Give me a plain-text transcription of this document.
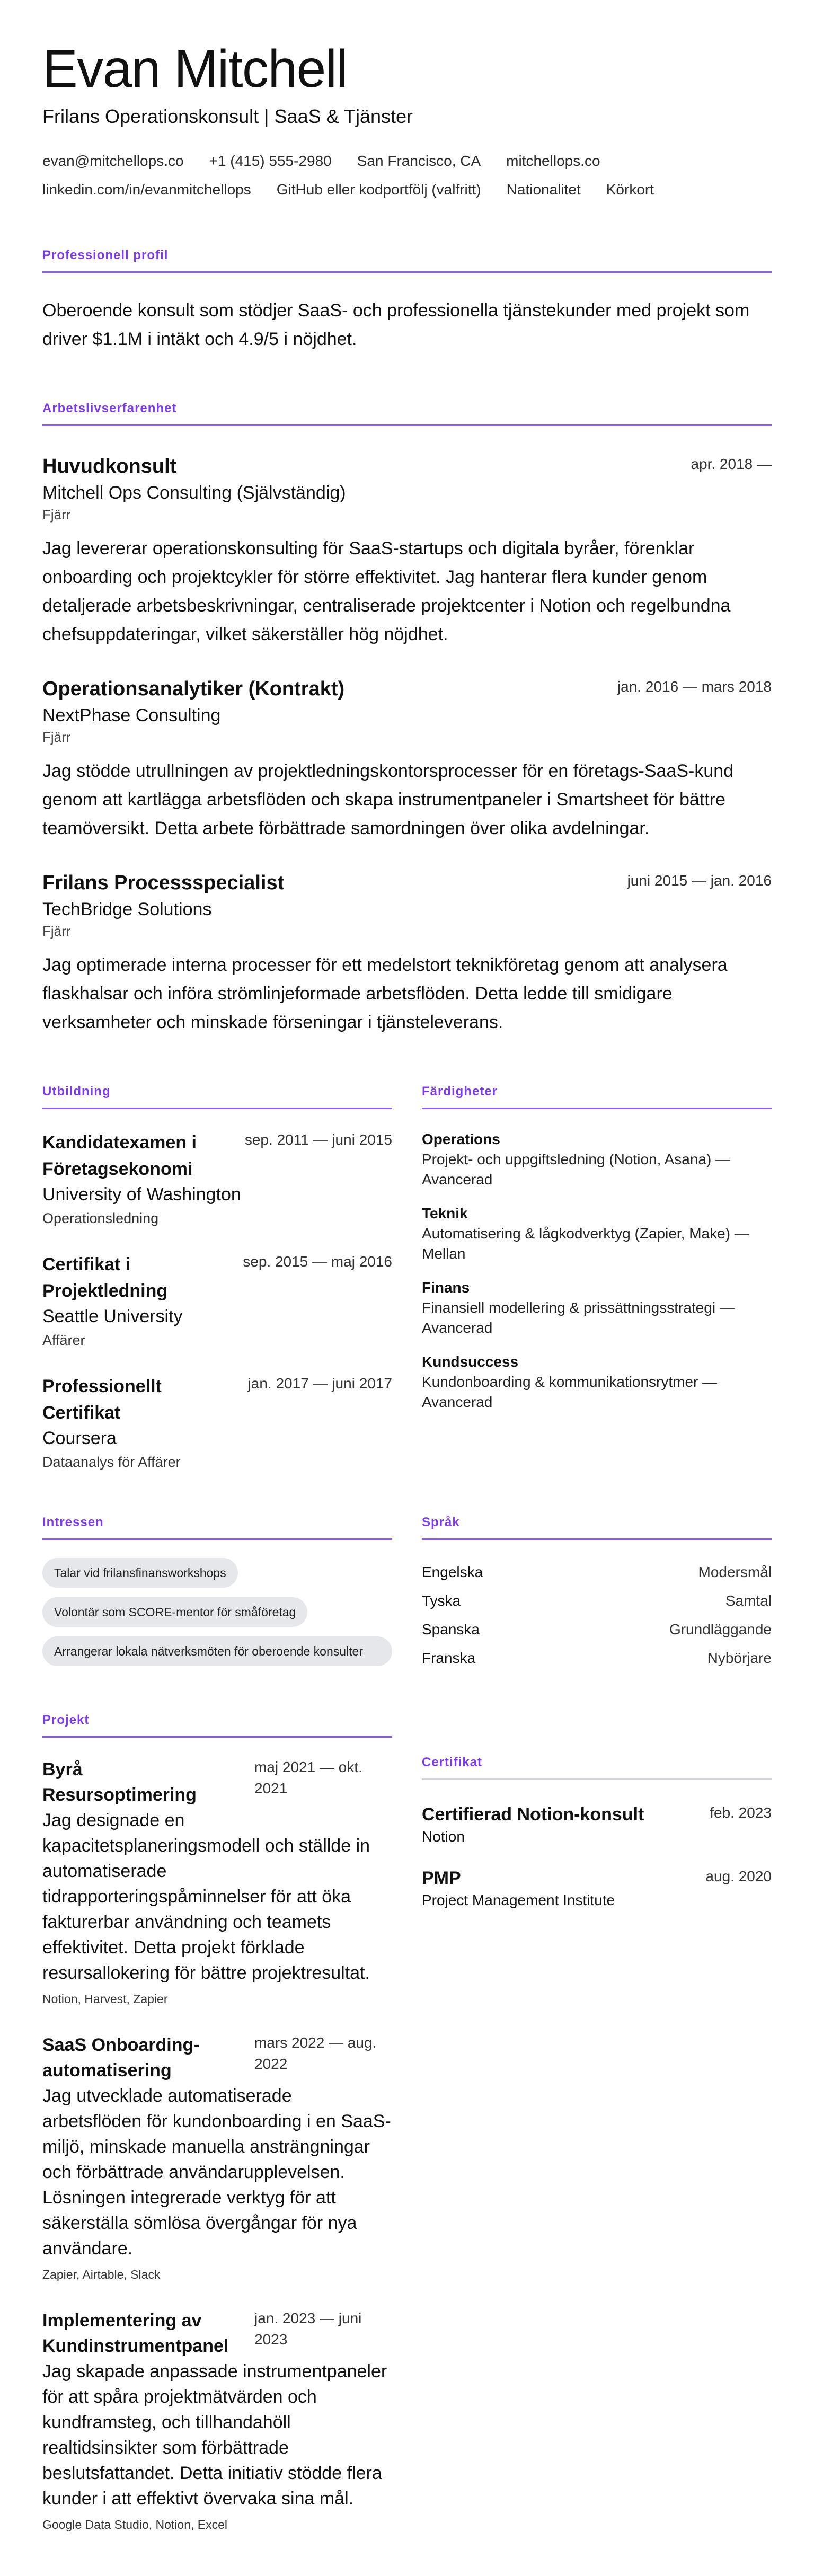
Evan Mitchell
Frilans Operationskonsult | SaaS & Tjänster
evan@mitchellops.co +1 (415) 555-2980 San Francisco, CA mitchellops.co
linkedin.com/in/evanmitchellops GitHub eller kodportfölj (valfritt) Nationalitet Körkort
Professionell profil

Oberoende konsult som stödjer SaaS- och professionella tjänstekunder med projekt som driver $1.1M i intäkt och 4.9/5 i nöjdhet.

Arbetslivserfarenhet
Huvudkonsult	apr. 2018 —
Mitchell Ops Consulting (Självständig)
Fjärr

Jag levererar operationskonsulting för SaaS-startups och digitala byråer, förenklar onboarding och projektcykler för större effektivitet. Jag hanterar flera kunder genom detaljerade arbetsbeskrivningar, centraliserade projektcenter i Notion och regelbundna chefsuppdateringar, vilket säkerställer hög nöjdhet.

Operationsanalytiker (Kontrakt)	jan. 2016 — mars 2018
NextPhase Consulting
Fjärr

Jag stödde utrullningen av projektledningskontorsprocesser för en företags-SaaS-kund genom att kartlägga arbetsflöden och skapa instrumentpaneler i Smartsheet för bättre teamöversikt. Detta arbete förbättrade samordningen över olika avdelningar.

Frilans Processspecialist	juni 2015 — jan. 2016
TechBridge Solutions
Fjärr

Jag optimerade interna processer för ett medelstort teknikföretag genom att analysera flaskhalsar och införa strömlinjeformade arbetsflöden. Detta ledde till smidigare verksamheter och minskade förseningar i tjänsteleverans.

Utbildning
Kandidatexamen i Företagsekonomi
sep. 2011 — juni 2015
University of Washington
Operationsledning
Certifikat i Projektledning
sep. 2015 — maj 2016
Seattle University
Affärer
Professionellt Certifikat
jan. 2017 — juni 2017
Coursera
Dataanalys för Affärer
Färdigheter
Operations
Projekt- och uppgiftsledning (Notion, Asana) — Avancerad
Teknik
Automatisering & lågkodverktyg (Zapier, Make) — Mellan
Finans
Finansiell modellering & prissättningsstrategi — Avancerad
Kundsuccess
Kundonboarding & kommunikationsrytmer — Avancerad
Intressen
Talar vid frilansfinansworkshops
Volontär som SCORE-mentor för småföretag
Arrangerar lokala nätverksmöten för oberoende konsulter
Språk
Engelska	Modersmål
Tyska	Samtal
Spanska	Grundläggande
Franska	Nybörjare
Projekt
Byrå Resursoptimering
maj 2021 — okt. 2021

Jag designade en kapacitetsplaneringsmodell och ställde in automatiserade tidrapporteringspåminnelser för att öka fakturerbar användning och teamets effektivitet. Detta projekt förklade resursallokering för bättre projektresultat.

Notion, Harvest, Zapier
SaaS Onboarding-automatisering
mars 2022 — aug. 2022

Jag utvecklade automatiserade arbetsflöden för kundonboarding i en SaaS-miljö, minskade manuella ansträngningar och förbättrade användarupplevelsen. Lösningen integrerade verktyg för att säkerställa sömlösa övergångar för nya användare.

Zapier, Airtable, Slack
Implementering av Kundinstrumentpanel
jan. 2023 — juni 2023

Jag skapade anpassade instrumentpaneler för att spåra projektmätvärden och kundframsteg, och tillhandahöll realtidsinsikter som förbättrade beslutsfattandet. Detta initiativ stödde flera kunder i att effektivt övervaka sina mål.

Google Data Studio, Notion, Excel
Certifikat
Certifierad Notion-konsult	feb. 2023
Notion
PMP	aug. 2020
Project Management Institute
